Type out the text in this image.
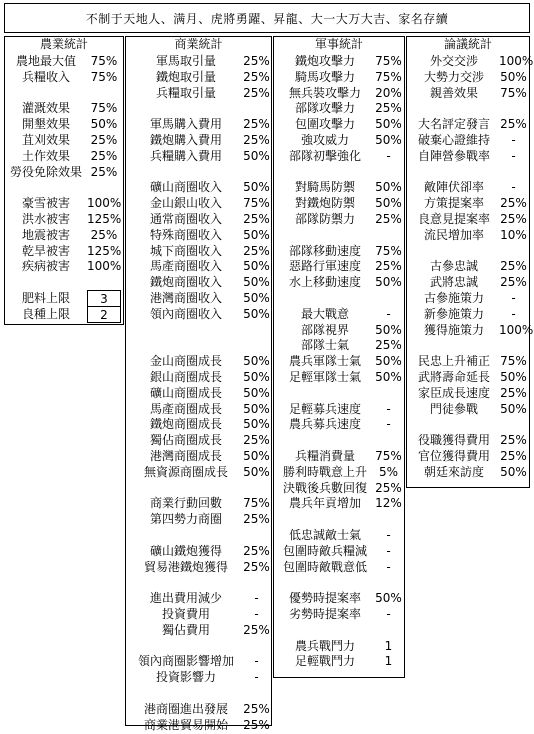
不制于天地人、满月、虎將勇躍、昇龍、大一大万大吉、家名存續
農業統計
農地最大值	75%
兵糧收入	75%
灌溉效果	75%
開墾效果	50%
苴刈效果	25%
土作效果	25%
勞役免除效果 25%
豪雪被害	100%
洪水被害	125%
地震被害	25%
乾旱被害	125%
疾病被害	100%
肥料上限	3
良種上限	2
商業統計
軍馬取引量	25%
鐵炮取引量	25%
兵糧取引量	25%
軍馬購入費用	25%
鐵炮購入費用	25%
兵糧購入費用	50%
礦山商圈收入	50%
金山銀山收入	75%
通常商圈收入	25%
特殊商圈收入	50%
城下商圈收入	25%
馬產商圈收入	50%
鐵炮商圈收入	50%
港灣商圈收入	50%
領內商圈收入	50%
金山商圈成長	50%
銀山商圈成長	50%
礦山商圈成長	50%
馬產商圈成長	50%
鐵炮商圈成長	50%
獨佔商圈成長	25%
港灣商圈成長	50%
無資源商圈成長	50%
商業行動回數	75%
第四勢力商圈	25%
礦山鐵炮獲得	25%
貿易港鐵炮獲得	25%
進出費用減少	-
投資費用	-
獨佔費用	25%
領內商圈影響增加	-
投資影響力	-
港商圈進出發展	25%
商業港貿易開始	25%
軍事統計
鐵炮攻擊力	75%
騎馬攻擊力	75%
無兵裝攻擊力	20%
部隊攻擊力	25%
包圍攻擊力	50%
強攻威力	50%
部隊初擊強化	-
對騎馬防禦	50%
對鐵炮防禦	50%
部隊防禦力	25%
部隊移動速度	75%
惡路行軍速度	25%
水上移動速度	50%
最大戰意	-
部隊視界	50%
部隊士氣	25%
農兵軍隊士氣	50%
足輕軍隊士氣	50%
足輕募兵速度	-
農兵募兵速度	-
兵糧消費量	75%
勝利時戰意上升 5%
決戰後兵數回復 25%
農兵年貢增加	12%
低忠誠敵士氣	-
包圍時敵兵糧減	-
包圍時敵戰意低	-
優勢時提案率	50%
劣勢時提案率	-
農兵戰鬥力	1
足輕戰鬥力	1
論議統計
外交交涉	100%
大勢力交涉	50%
親善效果	75%
大名評定發言 25%
破棄心證維持	-
自陣營參戰率	-
敵陣伏卻率	-
方策提案率	25%
良意見提案率 25%
流民增加率	10%
古參忠誠	25%
武將忠誠	25%
古參施策力	-
新參施策力	-
獲得施策力	100%
民忠上升補正 75%
武將壽命延長 50%
家臣成長速度 25%
門徒參戰	50%
役職獲得費用 25%
官位獲得費用 25%
朝廷來訪度	50%
